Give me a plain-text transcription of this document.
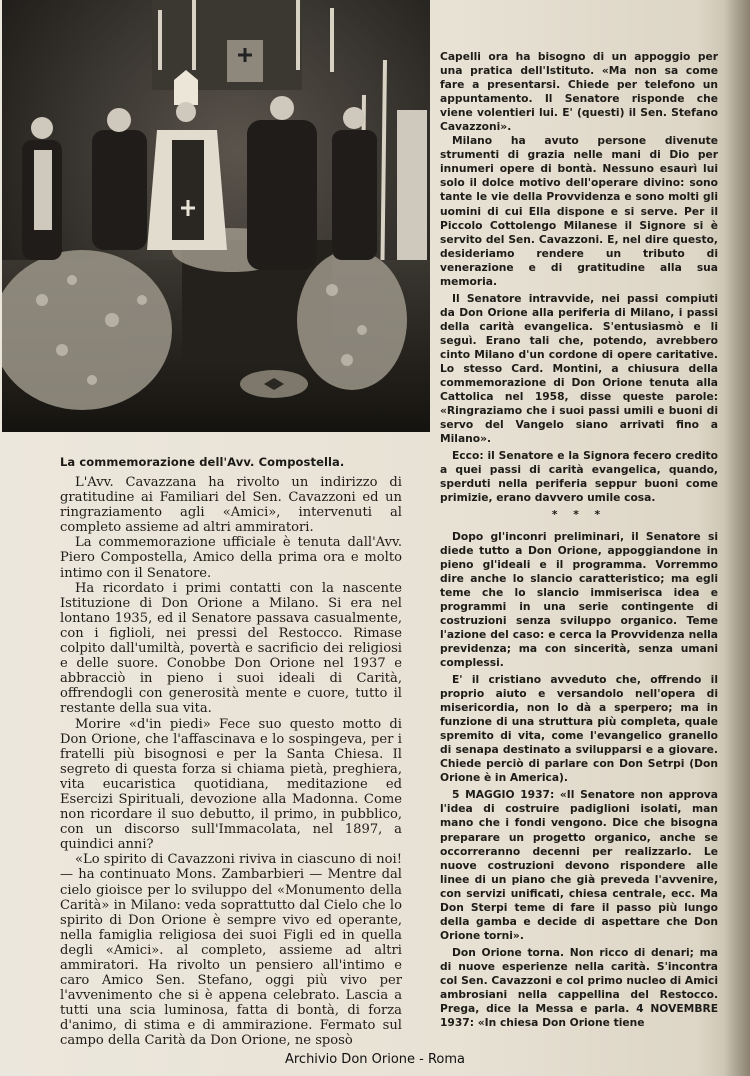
La commemorazione dell'Avv. Compostella.

L'Avv. Cavazzana ha rivolto un indirizzo di gratitudine ai Familiari del Sen. Cavazzoni ed un ringraziamento agli «Amici», intervenuti al completo assieme ad altri ammiratori.

La commemorazione ufficiale è tenuta dall'Avv. Piero Compostella, Amico della prima ora e molto intimo con il Senatore.

Ha ricordato i primi contatti con la nascente Istituzione di Don Orione a Milano. Si era nel lontano 1935, ed il Senatore passava casualmente, con i figlioli, nei pressi del Restocco. Rimase colpito dall'umiltà, povertà e sacrificio dei religiosi e delle suore. Conobbe Don Orione nel 1937 e abbracciò in pieno i suoi ideali di Carità, offrendogli con generosità mente e cuore, tutto il restante della sua vita.

Morire «d'in piedi» Fece suo questo motto di Don Orione, che l'affascinava e lo sospingeva, per i fratelli più bisognosi e per la Santa Chiesa. Il segreto di questa forza si chiama pietà, preghiera, vita eucaristica quotidiana, meditazione ed Esercizi Spirituali, devozione alla Madonna. Come non ricordare il suo debutto, il primo, in pubblico, con un discorso sull'Immacolata, nel 1897, a quindici anni?

«Lo spirito di Cavazzoni riviva in ciascuno di noi! — ha continuato Mons. Zambarbieri — Mentre dal cielo gioisce per lo sviluppo del «Monumento della Carità» in Milano: veda soprattutto dal Cielo che lo spirito di Don Orione è sempre vivo ed operante, nella famiglia religiosa dei suoi Figli ed in quella degli «Amici». al completo, assieme ad altri ammiratori. Ha rivolto un pensiero all'intimo e caro Amico Sen. Stefano, oggi più vivo per l'avvenimento che si è appena celebrato. Lascia a tutti una scia luminosa, fatta di bontà, di forza d'animo, di stima e di ammirazione. Fermato sul campo della Carità da Don Orione, ne sposò

Capelli ora ha bisogno di un appoggio per una pratica dell'Istituto. «Ma non sa come fare a presentarsi. Chiede per telefono un appuntamento. Il Senatore risponde che viene volentieri lui. E' (questi) il Sen. Stefano Cavazzoni».

Milano ha avuto persone divenute strumenti di grazia nelle mani di Dio per innumeri opere di bontà. Nessuno esaurì lui solo il dolce motivo dell'operare divino: sono tante le vie della Provvidenza e sono molti gli uomini di cui Ella dispone e si serve. Per il Piccolo Cottolengo Milanese il Signore si è servito del Sen. Cavazzoni. E, nel dire questo, desideriamo rendere un tributo di venerazione e di gratitudine alla sua memoria.

Il Senatore intravvide, nei passi compiuti da Don Orione alla periferia di Milano, i passi della carità evangelica. S'entusiasmò e li seguì. Erano tali che, potendo, avrebbero cinto Milano d'un cordone di opere caritative. Lo stesso Card. Montini, a chiusura della commemorazione di Don Orione tenuta alla Cattolica nel 1958, disse queste parole: «Ringraziamo che i suoi passi umili e buoni di servo del Vangelo siano arrivati fino a Milano».

Ecco: il Senatore e la Signora fecero credito a quei passi di carità evangelica, quando, sperduti nella periferia seppur buoni come primizie, erano davvero umile cosa.

* * *

Dopo gl'inconri preliminari, il Senatore si diede tutto a Don Orione, appoggiandone in pieno gl'ideali e il programma. Vorremmo dire anche lo slancio caratteristico; ma egli teme che lo slancio immiserisca idea e programmi in una serie contingente di costruzioni senza sviluppo organico. Teme l'azione del caso: e cerca la Provvidenza nella previdenza; ma con sincerità, senza umani complessi.

E' il cristiano avveduto che, offrendo il proprio aiuto e versandolo nell'opera di misericordia, non lo dà a sperpero; ma in funzione di una struttura più completa, quale spremito di vita, come l'evangelico granello di senapa destinato a svilupparsi e a giovare. Chiede perciò di parlare con Don Setrpi (Don Orione è in America).

5 MAGGIO 1937: «Il Senatore non approva l'idea di costruire padiglioni isolati, man mano che i fondi vengono. Dice che bisogna preparare un progetto organico, anche se occorreranno decenni per realizzarlo. Le nuove costruzioni devono rispondere alle linee di un piano che già preveda l'avvenire, con servizi unificati, chiesa centrale, ecc. Ma Don Sterpi teme di fare il passo più lungo della gamba e decide di aspettare che Don Orione torni».

Don Orione torna. Non ricco di denari; ma di nuove esperienze nella carità. S'incontra col Sen. Cavazzoni e col primo nucleo di Amici ambrosiani nella cappellina del Restocco. Prega, dice la Messa e parla. 4 NOVEMBRE 1937: «In chiesa Don Orione tiene

Archivio Don Orione - Roma
